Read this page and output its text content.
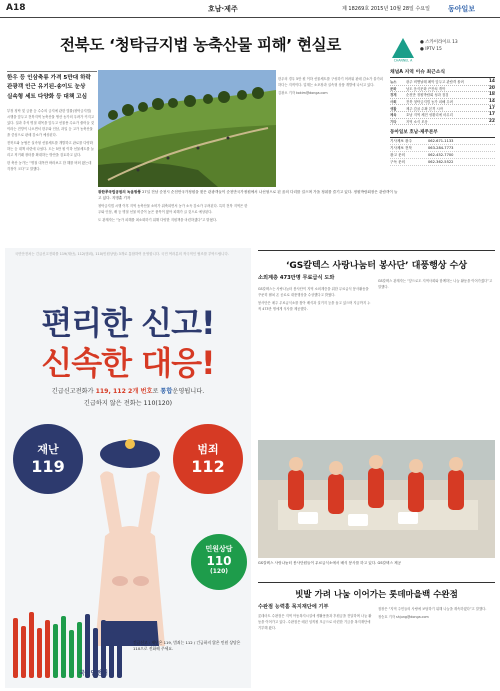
A18	호남·제주	제 18269호 2015년 10월 28일 수요일	동아일보
전북도 ‘청탁금지법 농축산물 피해’ 현실로
한우 등 인삼축류 가격 5만대 하락
관광객 인근 유기된-송이도 눈상
실속형 세트 다양화 등 대책 고심

부정 청탁 및 금품 등 수수의 금지에 관한 법률(청탁금지법) 시행을 앞두고 전북지역 농축산물 생산 농가의 우려가 커지고 있다. 설과 추석 명절 대목을 앞두고 선물용 수요가 줄어들 것이라는 전망이 나오면서 한우와 인삼, 과일 등 고가 농축산물을 중심으로 판매 감소가 예상된다.

전북도와 농협은 실속형 선물세트를 개발하고 판로를 다양화하는 등 대책 마련에 나섰다. 도는 5만 원 이하 선물세트를 늘리고 직거래 장터를 확대하는 방안을 검토하고 있다.

한 축산 농가는 “명절 대목만 바라보고 한 해를 버텨 왔는데 걱정이 크다”고 말했다.

광한루국립공원의 녹음방풍 27일 전남 순천시 순천만국가정원을 찾은 관광객들이 순천만국가정원에서 나선형으로 된 꿈의 다리를 걸으며 가을 정취를 즐기고 있다. 정원박람회장은 관람객이 늘고 있다. 지명훈 기자

청탁금지법 시행 이후 지역 농축산물 소비가 위축되면서 농가 소득 감소가 우려된다. 특히 전북 지역은 한우와 인삼, 배 등 명절 선물 비중이 높은 품목이 많아 피해가 클 것으로 예상된다.

도 관계자는 “농가 피해를 최소화하기 위해 다양한 지원책을 마련하겠다”고 밝혔다.

한우의 경우 5만 원 이하 선물세트를 구성하기 어려워 판매 감소가 불가피하다는 지적이다. 업계는 소포장과 실속형 상품 개발에 나서고 있다.

김광오 기자 kokim@donga.com

CHANNEL A
● 스카이라이프 13
● IPTV 15
채널A 지역 이슈 최근소식
뉴스	광주 비엔날레 폐막 앞두고 관람객 몰려	14
문화	남도 음식문화 큰잔치 개막	20
경제	순천만 정원박람회 성과 점검	18
사회	전북 청탁금지법 농가 피해 우려	14
생활	제주 감귤 수확 본격 시작	17
체육	호남 지역 체전 성황리에 마무리	17
기타	지역 소식 모음	22
동아일보 호남·제주본부
기사제보 광주	062-671-1133
기사제보 전북	063-284-7773
광고 문의	062-452-7700
구독 문의	062-362-5522
국민안전처는 긴급신고전화를 119(재난), 112(범죄), 110(민원상담) 3개로 통합하여 운영합니다. 국민 여러분의 적극적인 협조를 부탁드립니다.
편리한 신고!
신속한 대응!
긴급신고전화가 119, 112 2개 번호로 통합운영됩니다.
긴급하지 않은 전화는 110(120)
재난
119
범죄
112
민원상담
110
(120)
긴급신고 : 재난은 119, 범죄는 112 / 긴급하지 않은 민원 상담은 110으로 전화해 주세요.
국민안전처
‘GS칼텍스 사랑나눔터 봉사단’ 대풍행상 수상
소외계층 473만명 무료급식 도와

GS칼텍스는 사랑나눔터 봉사단이 지역 소외계층을 위한 무료급식 봉사활동을 꾸준히 펼쳐 온 공로로 대풍행상을 수상했다고 밝혔다.

봉사단은 매주 무료급식소를 찾아 배식과 설거지 등을 돕고 있으며 지금까지 누적 473만 명에게 식사를 제공했다.

GS칼텍스 관계자는 “앞으로도 지역사회와 함께하는 나눔 활동을 이어가겠다”고 말했다.

GS칼텍스 사랑나눔터 봉사단원들이 무료급식소에서 배식 봉사를 하고 있다. GS칼텍스 제공
빗발 가려 나눔 이어가는 롯데마을백 수완점
수완점 능력홈 목지재단에 기부

롯데마트 수완점은 지역 아동복지시설에 생활용품과 후원금을 전달하며 나눔 활동을 이어가고 있다. 수완점은 매년 임직원 모금으로 마련한 기금을 복지재단에 기부해 왔다.

점장은 “지역 주민들의 사랑에 보답하기 위해 나눔을 계속하겠다”고 말했다.

정승호 기자 shjung@donga.com
